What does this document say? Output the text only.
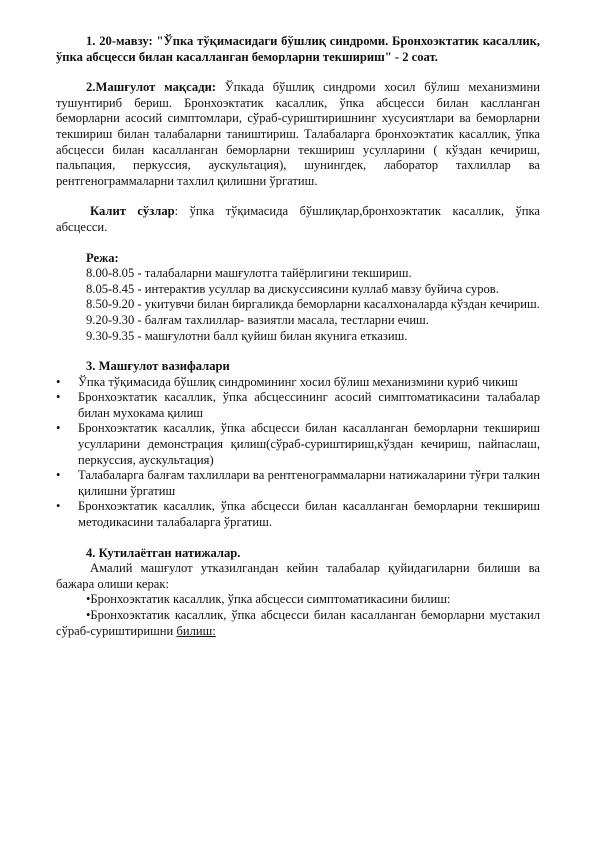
1. 20-мавзу: "Ўпка тўқимасидаги бўшлиқ синдроми. Бронхоэктатик касаллик, ўпка абсцесси билан касалланган беморларни текшириш" - 2 соат.

2.Машғулот мақсади: Ўпкада бўшлиқ синдроми хосил бўлиш механизмини тушунтириб бериш. Бронхоэктатик касаллик, ўпка абсцесси билан каслланган беморларни асосий симптомлари, сўраб-суриштиришнинг хусусиятлари ва беморларни текшириш билан талабаларни таништириш. Талабаларга бронхоэктатик касаллик, ўпка абсцесси билан касалланган беморларни текшириш усулларини ( кўздан кечириш, пальпация, перкуссия, аускультация), шунингдек, лаборатор тахлиллар ва рентгенограммаларни тахлил қилишни ўргатиш.

Калит сўзлар: ўпка тўқимасида бўшлиқлар,бронхоэктатик касаллик, ўпка абсцесси.

Режа:

8.00-8.05 - талабаларни машғулотга тайёрлигини текшириш.

8.05-8.45 - интерактив усуллар ва дискуссиясини куллаб мавзу буйича суров.

8.50-9.20 - укитувчи билан биргаликда беморларни касалхоналарда кўздан кечириш.

9.20-9.30 - балғам тахлиллар- вазиятли масала, тестларни ечиш.

9.30-9.35 - машғулотни балл қуйиш билан якунига етказиш.

3. Машғулот вазифалари

• Ўпка тўқимасида бўшлиқ синдромининг хосил бўлиш механизмини куриб чикиш
• Бронхоэктатик касаллик, ўпка абсцессининг асосий симптоматикасини талабалар билан мухокама қилиш
• Бронхоэктатик касаллик, ўпка абсцесси билан касалланган беморларни текшириш усулларини демонстрация қилиш(сўраб-суриштириш,кўздан кечириш, пайпаслаш, перкуссия, аускультация)
• Талабаларга балғам тахлиллари ва рентгенограммаларни натижаларини тўғри талкин қилишни ўргатиш
• Бронхоэктатик касаллик, ўпка абсцесси билан касалланган беморларни текшириш методикасини талабаларга ўргатиш.

4. Кутилаётган натижалар.

Амалий машғулот утказилгандан кейин талабалар қуйидагиларни билиши ва бажара олиши керак:

•Бронхоэктатик касаллик, ўпка абсцесси симптоматикасини билиш:

•Бронхоэктатик касаллик, ўпка абсцесси билан касалланган беморларни мустакил сўраб-суриштиришни билиш:
